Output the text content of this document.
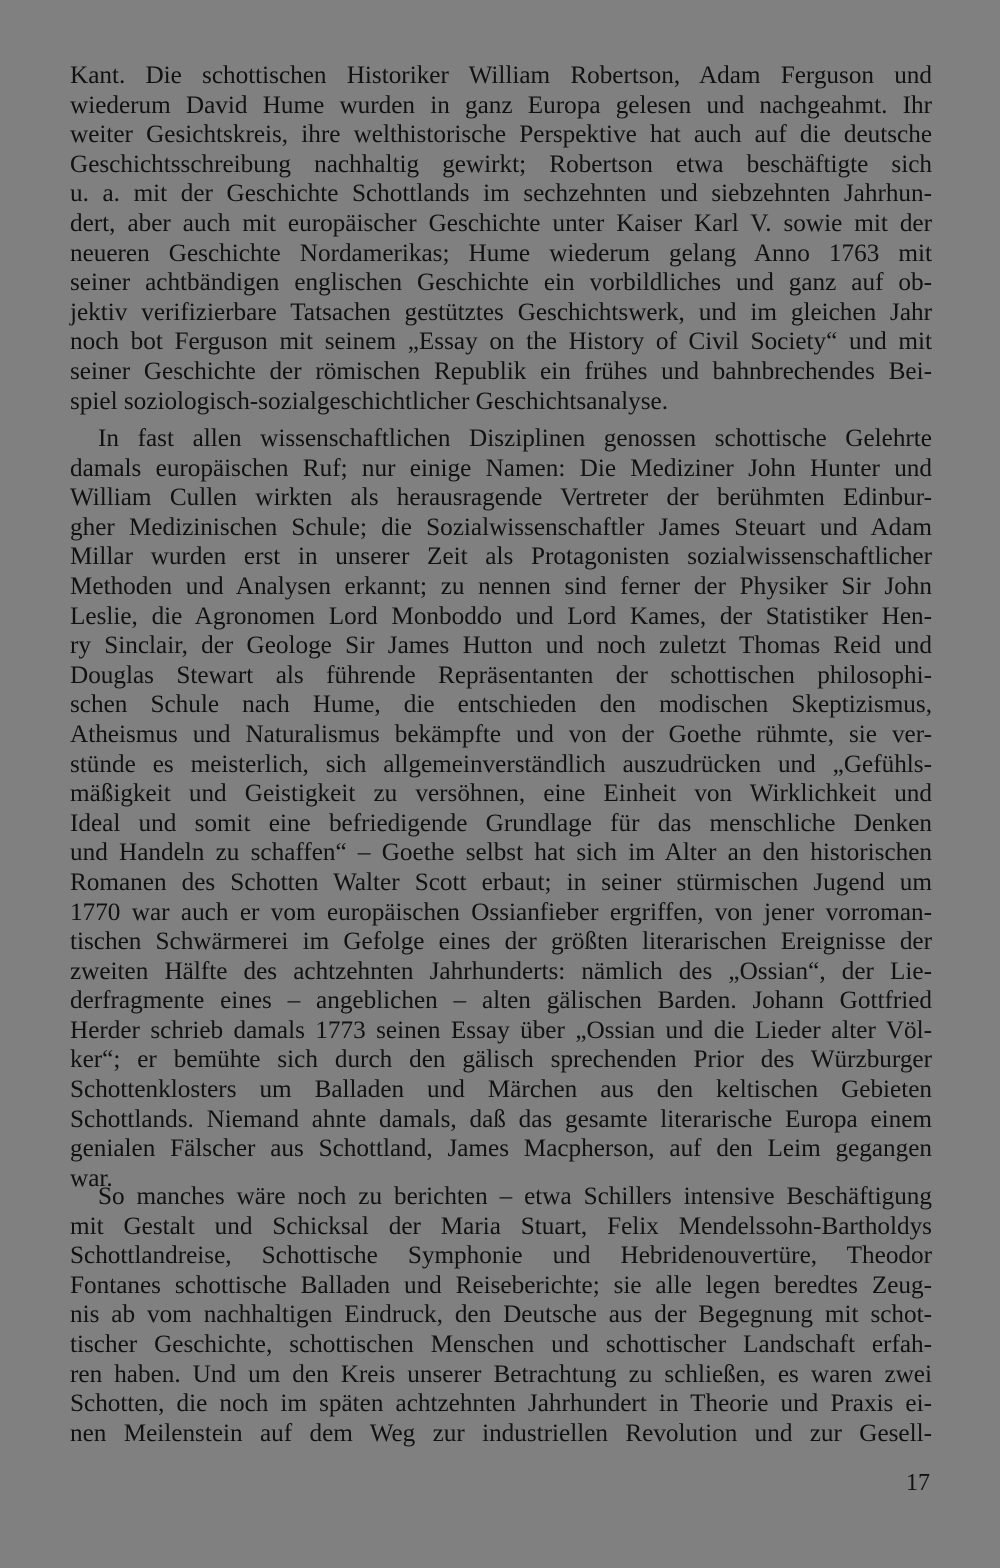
Kant. Die schottischen Historiker William Robertson, Adam Ferguson und
wiederum David Hume wurden in ganz Europa gelesen und nachgeahmt. Ihr
weiter Gesichtskreis, ihre welthistorische Perspektive hat auch auf die deutsche
Geschichtsschreibung nachhaltig gewirkt; Robertson etwa beschäftigte sich
u. a. mit der Geschichte Schottlands im sechzehnten und siebzehnten Jahrhun-
dert, aber auch mit europäischer Geschichte unter Kaiser Karl V. sowie mit der
neueren Geschichte Nordamerikas; Hume wiederum gelang Anno 1763 mit
seiner achtbändigen englischen Geschichte ein vorbildliches und ganz auf ob-
jektiv verifizierbare Tatsachen gestütztes Geschichtswerk, und im gleichen Jahr
noch bot Ferguson mit seinem „Essay on the History of Civil Society“ und mit
seiner Geschichte der römischen Republik ein frühes und bahnbrechendes Bei-
spiel soziologisch-sozialgeschichtlicher Geschichtsanalyse.
In fast allen wissenschaftlichen Disziplinen genossen schottische Gelehrte
damals europäischen Ruf; nur einige Namen: Die Mediziner John Hunter und
William Cullen wirkten als herausragende Vertreter der berühmten Edinbur-
gher Medizinischen Schule; die Sozialwissenschaftler James Steuart und Adam
Millar wurden erst in unserer Zeit als Protagonisten sozialwissenschaftlicher
Methoden und Analysen erkannt; zu nennen sind ferner der Physiker Sir John
Leslie, die Agronomen Lord Monboddo und Lord Kames, der Statistiker Hen-
ry Sinclair, der Geologe Sir James Hutton und noch zuletzt Thomas Reid und
Douglas Stewart als führende Repräsentanten der schottischen philosophi-
schen Schule nach Hume, die entschieden den modischen Skeptizismus,
Atheismus und Naturalismus bekämpfte und von der Goethe rühmte, sie ver-
stünde es meisterlich, sich allgemeinverständlich auszudrücken und „Gefühls-
mäßigkeit und Geistigkeit zu versöhnen, eine Einheit von Wirklichkeit und
Ideal und somit eine befriedigende Grundlage für das menschliche Denken
und Handeln zu schaffen“ – Goethe selbst hat sich im Alter an den historischen
Romanen des Schotten Walter Scott erbaut; in seiner stürmischen Jugend um
1770 war auch er vom europäischen Ossianfieber ergriffen, von jener vorroman-
tischen Schwärmerei im Gefolge eines der größten literarischen Ereignisse der
zweiten Hälfte des achtzehnten Jahrhunderts: nämlich des „Ossian“, der Lie-
derfragmente eines – angeblichen – alten gälischen Barden. Johann Gottfried
Herder schrieb damals 1773 seinen Essay über „Ossian und die Lieder alter Völ-
ker“; er bemühte sich durch den gälisch sprechenden Prior des Würzburger
Schottenklosters um Balladen und Märchen aus den keltischen Gebieten
Schottlands. Niemand ahnte damals, daß das gesamte literarische Europa einem
genialen Fälscher aus Schottland, James Macpherson, auf den Leim gegangen
war.
So manches wäre noch zu berichten – etwa Schillers intensive Beschäftigung
mit Gestalt und Schicksal der Maria Stuart, Felix Mendelssohn-Bartholdys
Schottlandreise, Schottische Symphonie und Hebridenouvertüre, Theodor
Fontanes schottische Balladen und Reiseberichte; sie alle legen beredtes Zeug-
nis ab vom nachhaltigen Eindruck, den Deutsche aus der Begegnung mit schot-
tischer Geschichte, schottischen Menschen und schottischer Landschaft erfah-
ren haben. Und um den Kreis unserer Betrachtung zu schließen, es waren zwei
Schotten, die noch im späten achtzehnten Jahrhundert in Theorie und Praxis ei-
nen Meilenstein auf dem Weg zur industriellen Revolution und zur Gesell-
17
